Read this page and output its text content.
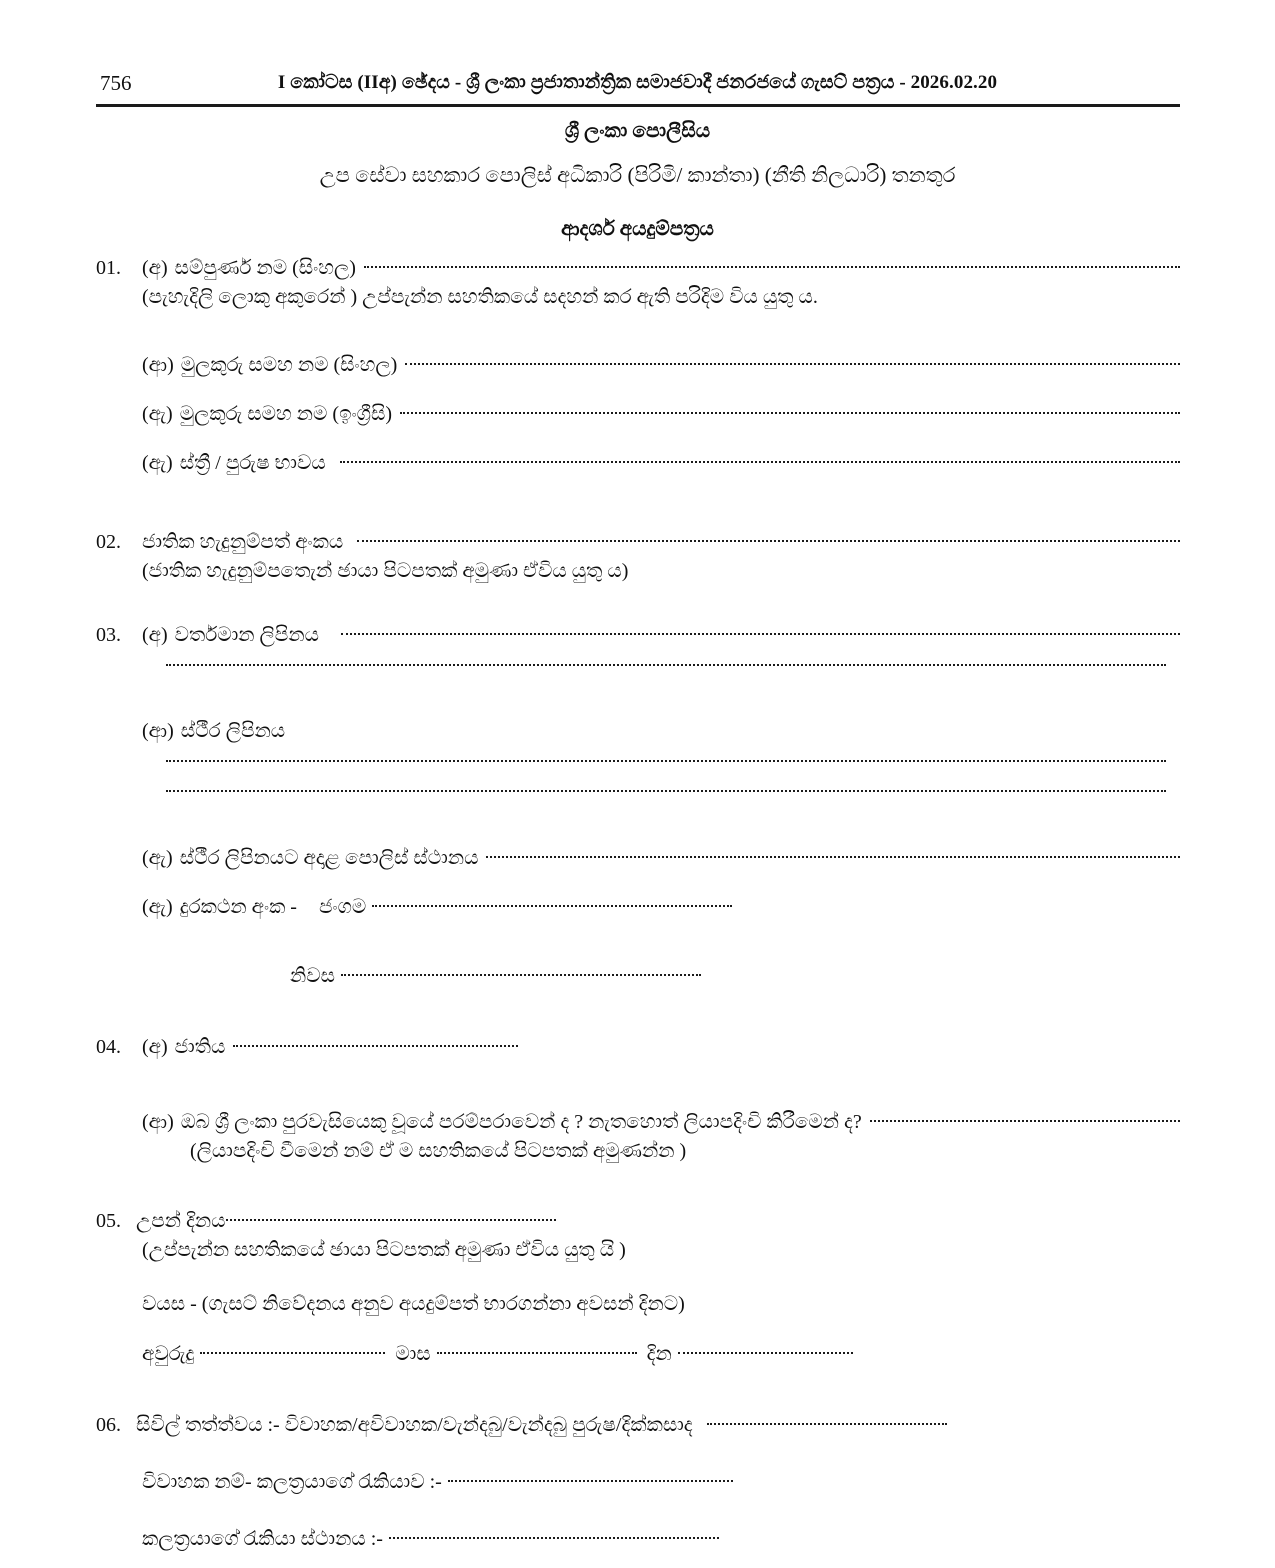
756	I කෝටස (IIඅ) ඡේදය - ශ්‍රී ලංකා ප්‍රජාතාන්ත්‍රික සමාජවාදී ජනරජයේ ගැසට් පත්‍රය - 2026.02.20
ශ්‍රී ලංකා පොලීසිය
උප සේවා සහකාර පොලිස් අධිකාරි (පිරිමි/ කාන්තා) (නීති නිලධාරි) තනතුර
ආදර්ශ අයදුම්පත්‍රය
01.	(අ) සම්පුර්ණ නම (සිංහල)
(පැහැදිලි ලොකු අකුරෙන් ) උප්පැන්න සහතිකයේ සදහන් කර ඇති පරිදිම විය යුතු ය.
(ආ) මුලකුරු සමහ නම (සිංහල)
(ඇ) මුලකුරු සමහ නම (ඉංග්‍රීසි)
(ඇ) ස්ත්‍රී / පුරුෂ භාවය
02.	ජාතික හැදුනුම්පත් අංකය
(ජාතික හැදුනුම්පතෙැන් ඡායා පිටපතක් අමුණා ඒවිය යුතු ය)
03.	(අ) වර්තමාන ලිපිනය
(ආ) ස්ථීර ලිපිනය
(ඇ) ස්ථීර ලිපිනයට අදාළ පොලිස් ස්ථානය
(ඇ) දුරකථන අංක -	ජංගම
නිවස
04.	(අ) ජාතිය
(ආ) ඔබ ශ්‍රී ලංකා පුරවැසියෙකු වූයේ පරම්පරාවෙන් ද ? නැතහොත් ලියාපදිංචි කිරීමෙන් ද?
(ලියාපදිංචි වීමෙන් නම් ඒ ම සහතිකයේ පිටපතක් අමුණන්න )
05. උපන් දිනය
(උප්පැන්න සහතිකයේ ඡායා පිටපතක් අමුණා ඒවිය යුතු යි )
වයස - (ගැසට් නිවේදනය අනුව අයදුම්පත් භාරගන්නා අවසන් දිනට)
අවුරුදු	මාස	දින
06. සිවිල් තත්ත්වය :- විවාහක/අවිවාහක/වැන්දබු/වැන්දබු පුරුෂ/දික්කසාද
විවාහක නම්- කලත්‍රයාගේ රැකියාව :-
කලත්‍රයාගේ රැකියා ස්ථානය :-
